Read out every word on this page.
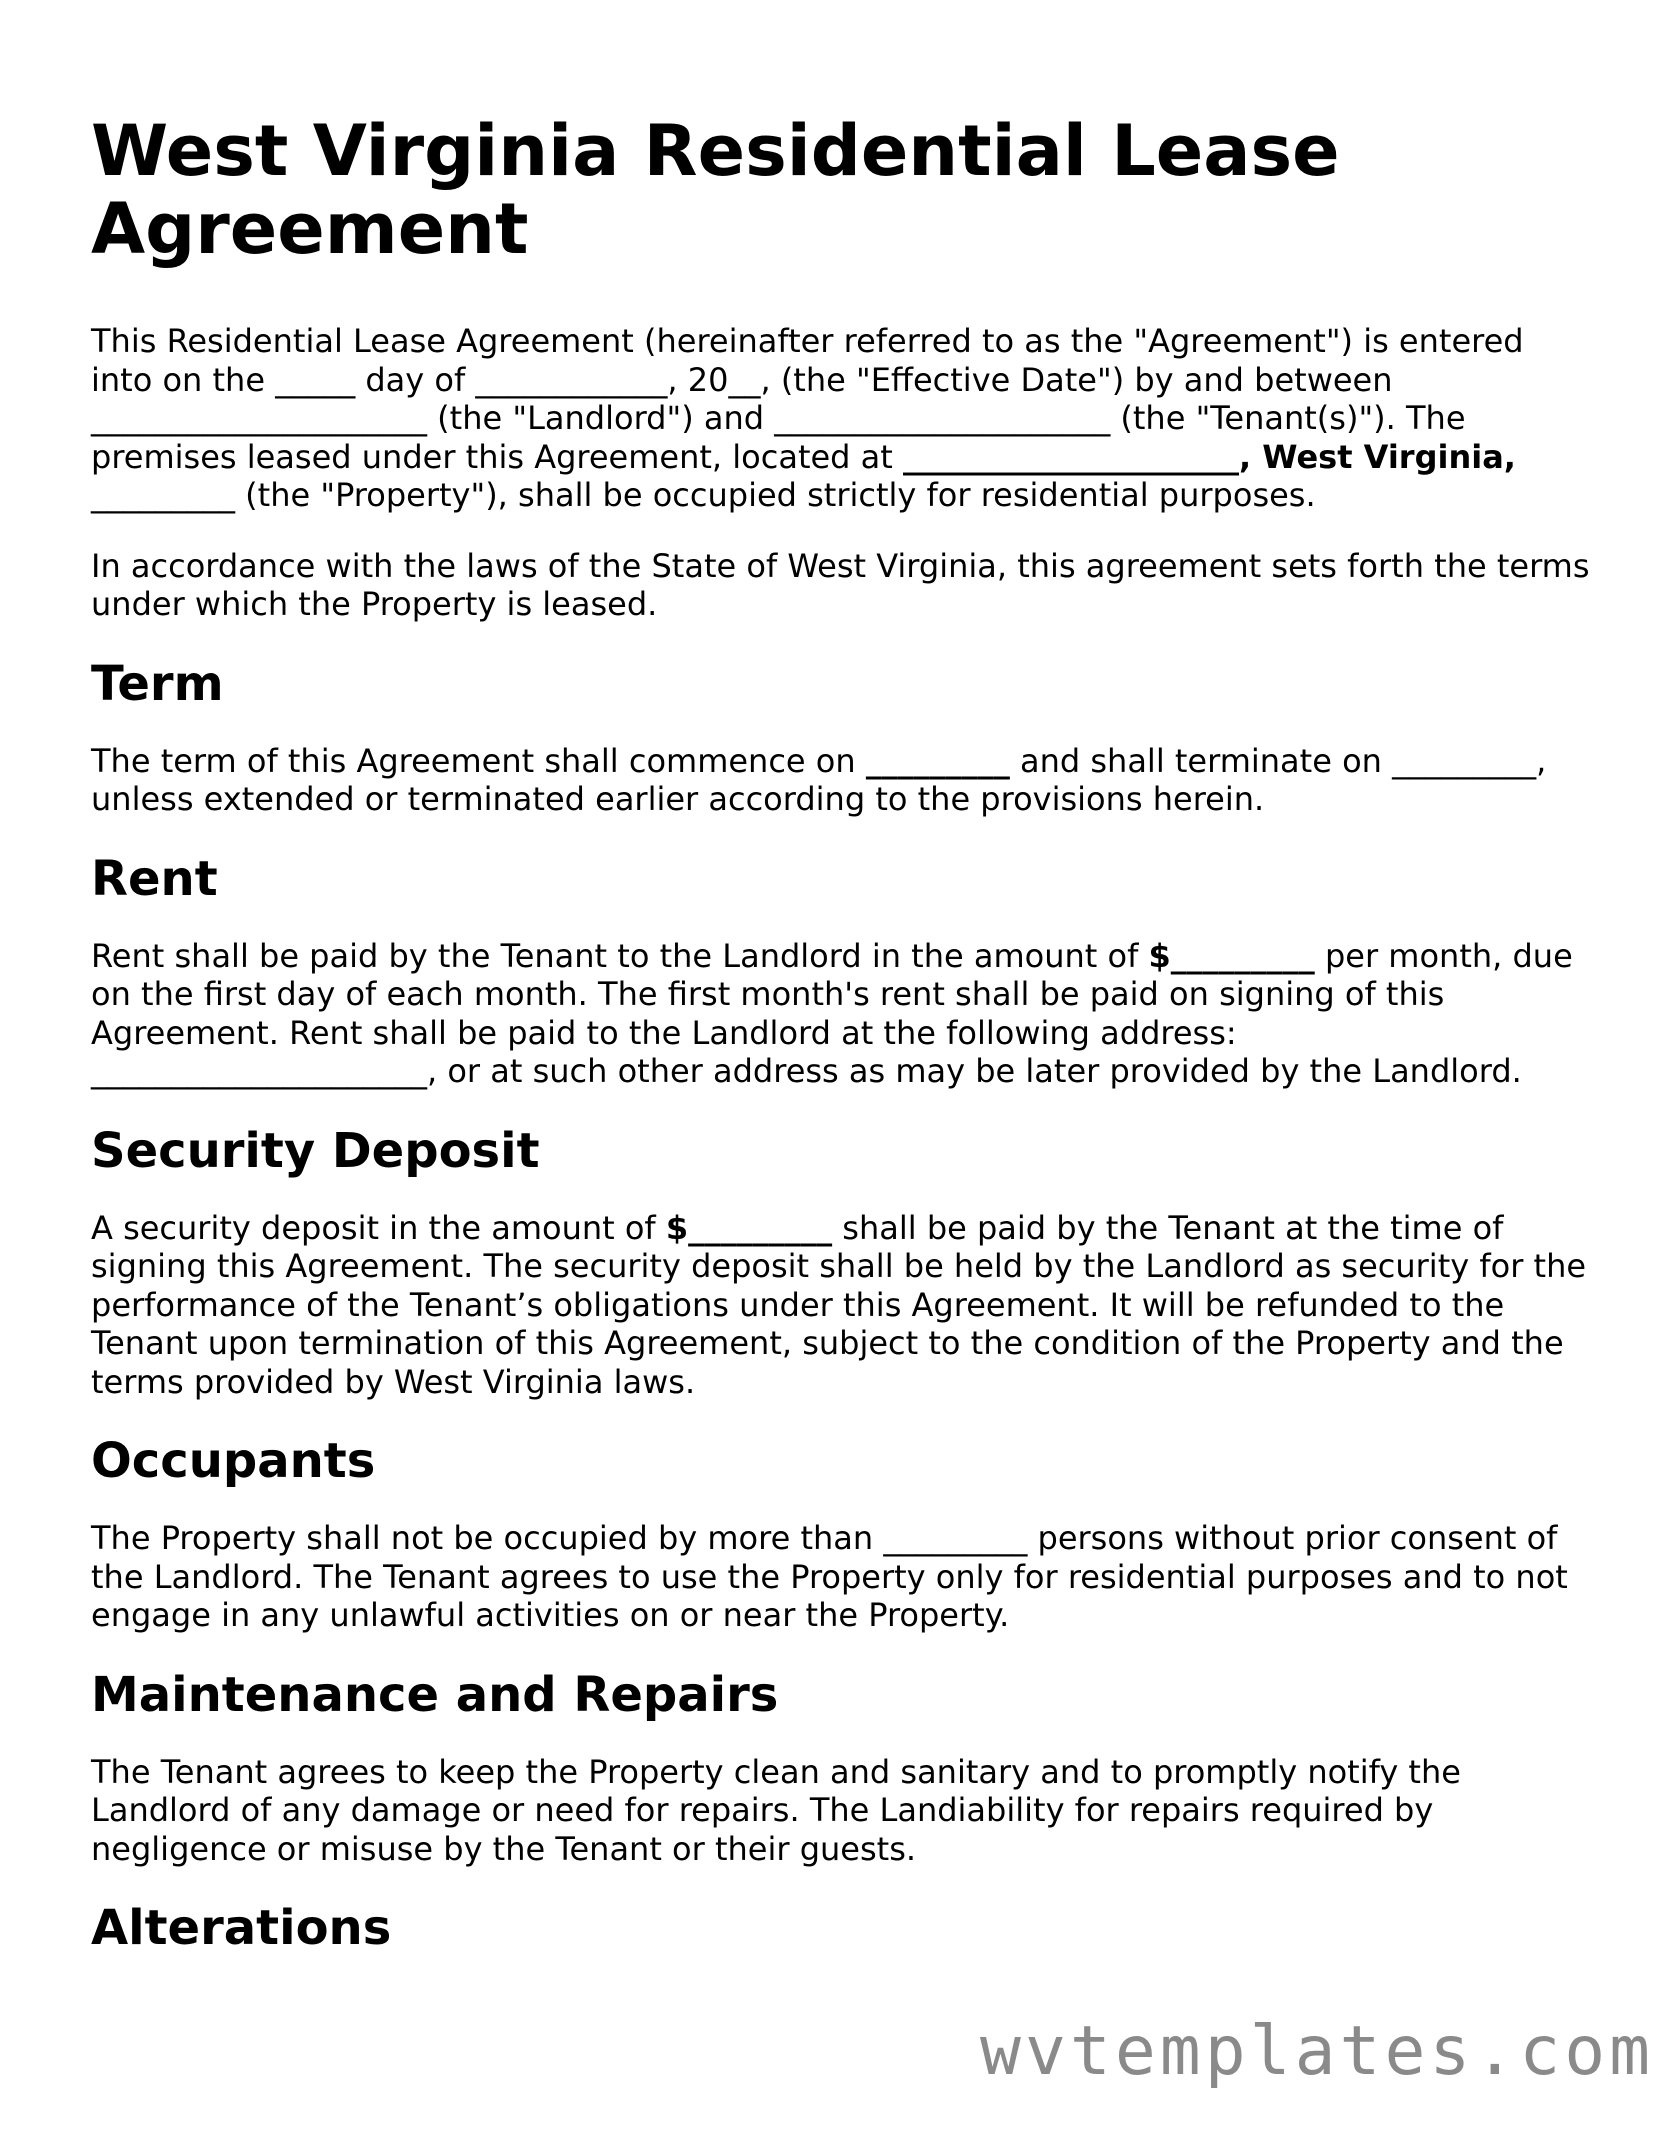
West Virginia Residential Lease Agreement

This Residential Lease Agreement (hereinafter referred to as the "Agreement") is entered into on the _____ day of ____________, 20__, (the "Effective Date") by and between _____________________ (the "Landlord") and _____________________ (the "Tenant(s)"). The premises leased under this Agreement, located at _____________________, West Virginia, _________ (the "Property"), shall be occupied strictly for residential purposes.

In accordance with the laws of the State of West Virginia, this agreement sets forth the terms under which the Property is leased.

Term

The term of this Agreement shall commence on _________ and shall terminate on _________, unless extended or terminated earlier according to the provisions herein.

Rent

Rent shall be paid by the Tenant to the Landlord in the amount of $_________ per month, due on the first day of each month. The first month's rent shall be paid on signing of this Agreement. Rent shall be paid to the Landlord at the following address: _____________________, or at such other address as may be later provided by the Landlord.

Security Deposit

A security deposit in the amount of $_________ shall be paid by the Tenant at the time of signing this Agreement. The security deposit shall be held by the Landlord as security for the performance of the Tenant’s obligations under this Agreement. It will be refunded to the Tenant upon termination of this Agreement, subject to the condition of the Property and the terms provided by West Virginia laws.

Occupants

The Property shall not be occupied by more than _________ persons without prior consent of the Landlord. The Tenant agrees to use the Property only for residential purposes and to not engage in any unlawful activities on or near the Property.

Maintenance and Repairs

The Tenant agrees to keep the Property clean and sanitary and to promptly notify the Landlord of any damage or need for repairs. The Landiability for repairs required by negligence or misuse by the Tenant or their guests.

Alterations
wvtemplates.com
